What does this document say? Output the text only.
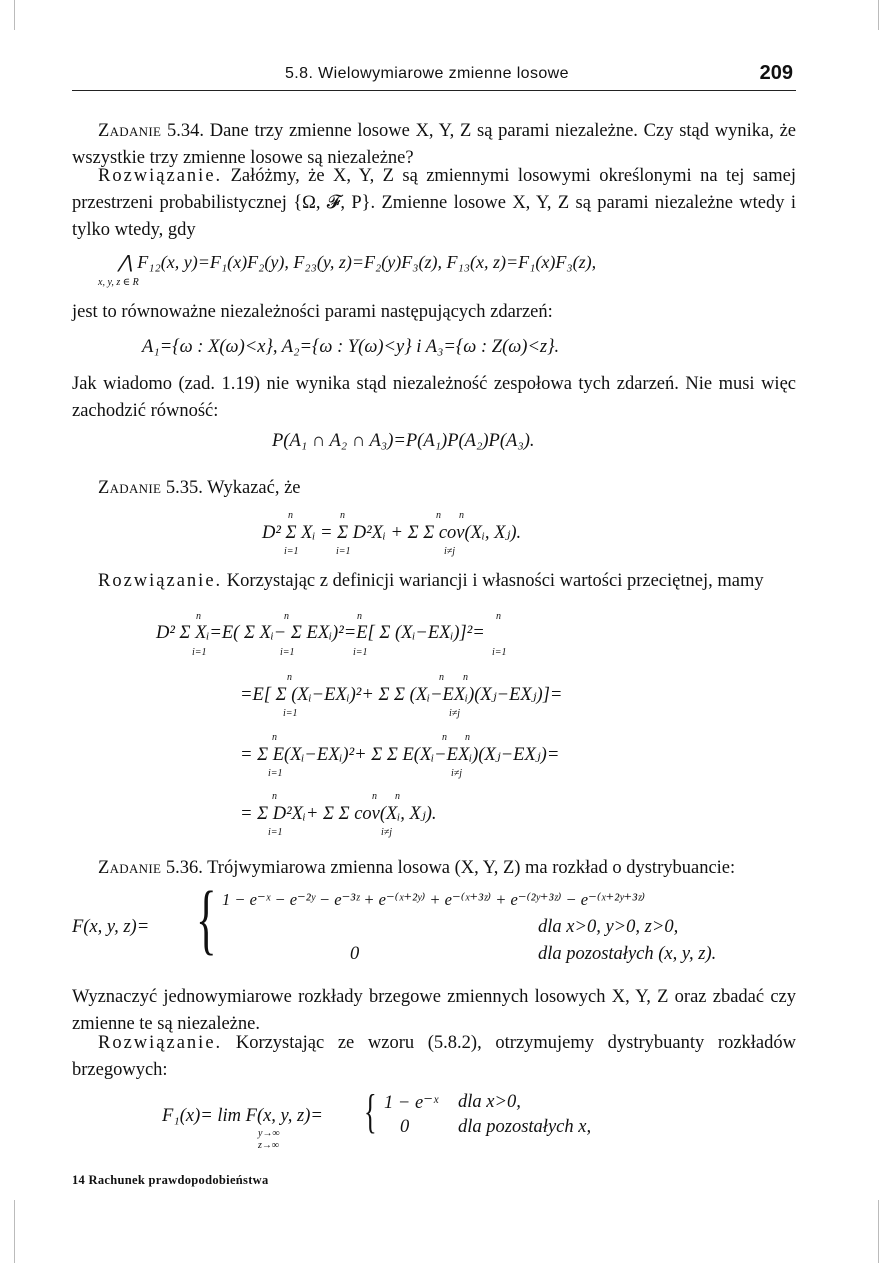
5.8. Wielowymiarowe zmienne losowe	209

Zadanie 5.34. Dane trzy zmienne losowe X, Y, Z są parami niezależne. Czy stąd wynika, że wszystkie trzy zmienne losowe są niezależne?

Rozwiązanie. Załóżmy, że X, Y, Z są zmiennymi losowymi określonymi na tej samej przestrzeni probabilistycznej {Ω, 𝓕, P}. Zmienne losowe X, Y, Z są parami niezależne wtedy i tylko wtedy, gdy

⋀ F₁₂(x, y)=F₁(x)F₂(y), F₂₃(y, z)=F₂(y)F₃(z), F₁₃(x, z)=F₁(x)F₃(z),
x, y, z ∈ R

jest to równoważne niezależności parami następujących zdarzeń:

A₁={ω : X(ω)<x}, A₂={ω : Y(ω)<y} i A₃={ω : Z(ω)<z}.

Jak wiadomo (zad. 1.19) nie wynika stąd niezależność zespołowa tych zdarzeń. Nie musi więc zachodzić równość:

P(A₁ ∩ A₂ ∩ A₃)=P(A₁)P(A₂)P(A₃).

Zadanie 5.35. Wykazać, że

n	n	n n
D² Σ Xᵢ = Σ D²Xᵢ + Σ Σ cov(Xᵢ, Xⱼ).
i=1	i=1	i≠j

Rozwiązanie. Korzystając z definicji wariancji i własności wartości przeciętnej, mamy

n	n	n	n
D² Σ Xᵢ=E( Σ Xᵢ− Σ EXᵢ)²=E[ Σ (Xᵢ−EXᵢ)]²=
i=1	i=1	i=1	i=1
n	n n
=E[ Σ (Xᵢ−EXᵢ)²+ Σ Σ (Xᵢ−EXᵢ)(Xⱼ−EXⱼ)]=
i=1	i≠j
n	n n
= Σ E(Xᵢ−EXᵢ)²+ Σ Σ E(Xᵢ−EXᵢ)(Xⱼ−EXⱼ)=
i=1	i≠j
n	n n
= Σ D²Xᵢ+ Σ Σ cov(Xᵢ, Xⱼ).
i=1	i≠j

Zadanie 5.36. Trójwymiarowa zmienna losowa (X, Y, Z) ma rozkład o dystrybuancie:

F(x, y, z)= { 1 − e⁻ˣ − e⁻²ʸ − e⁻³ᶻ + e⁻⁽ˣ⁺²ʸ⁾ + e⁻⁽ˣ⁺³ᶻ⁾ + e⁻⁽²ʸ⁺³ᶻ⁾ − e⁻⁽ˣ⁺²ʸ⁺³ᶻ⁾
dla x>0, y>0, z>0,
0	dla pozostałych (x, y, z).

Wyznaczyć jednowymiarowe rozkłady brzegowe zmiennych losowych X, Y, Z oraz zbadać czy zmienne te są niezależne.

Rozwiązanie. Korzystając ze wzoru (5.8.2), otrzymujemy dystrybuanty rozkładów brzegowych:

F₁(x)= lim F(x, y, z)=
y→∞
z→∞
{ 1 − e⁻ˣ dla x>0,
0	dla pozostałych x,
14 Rachunek prawdopodobieństwa
